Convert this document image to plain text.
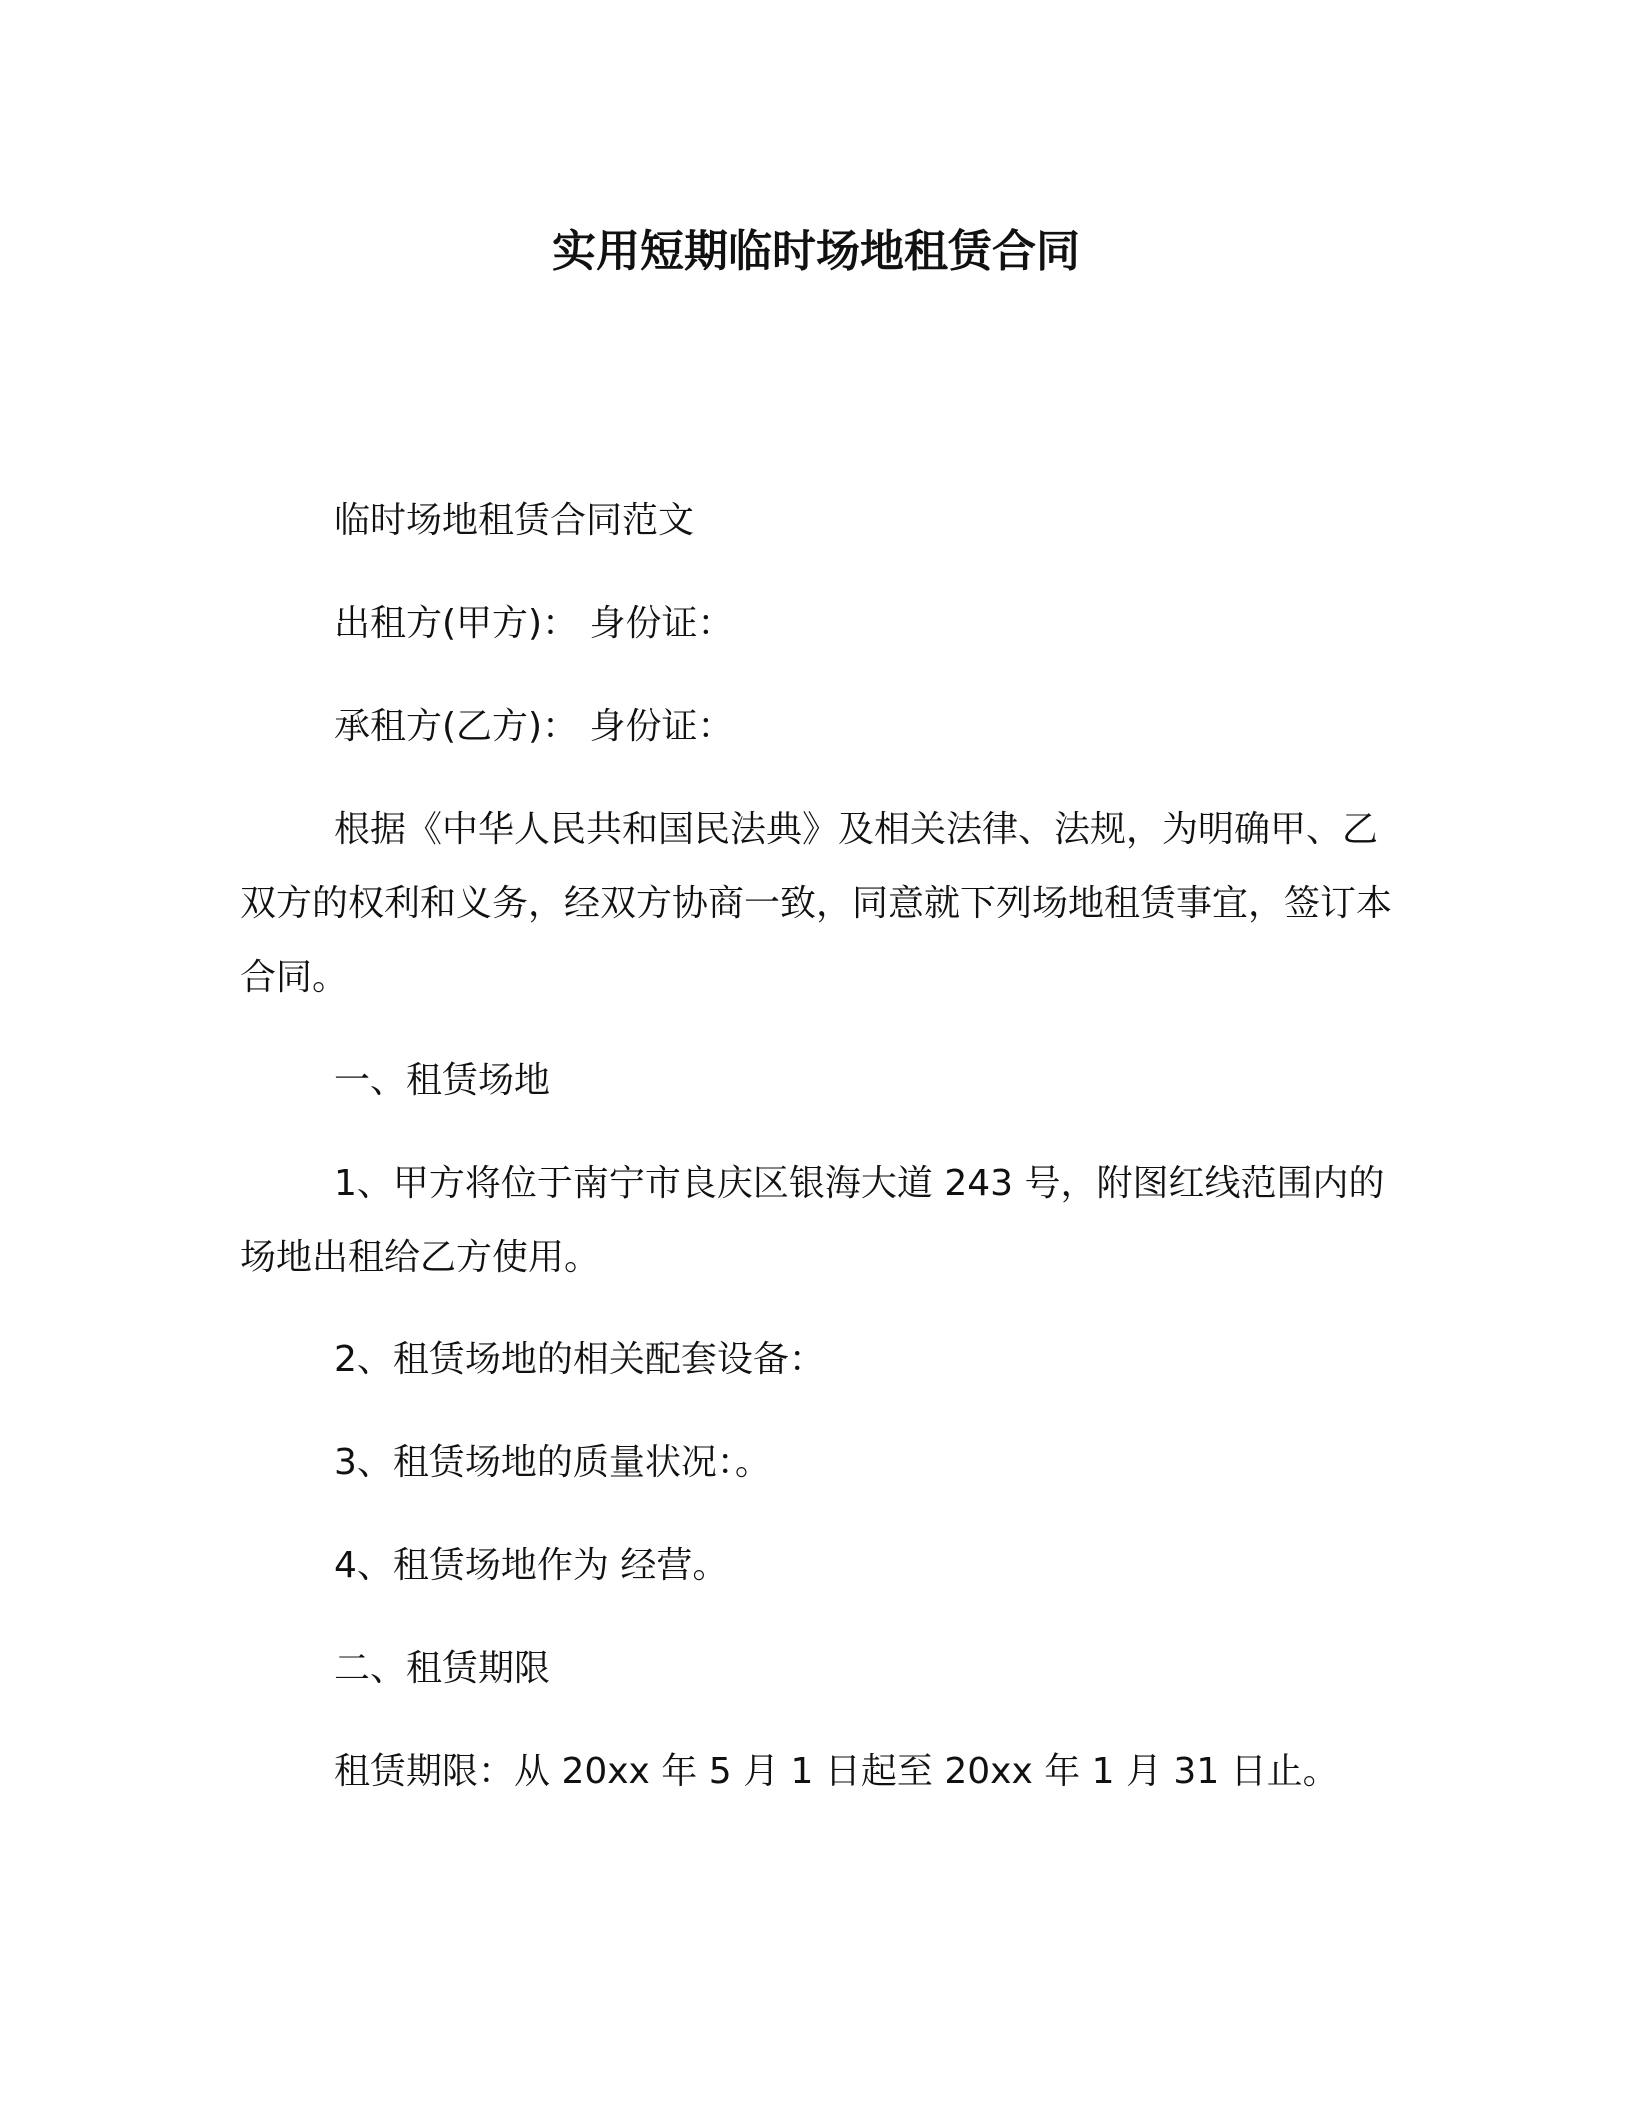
实用短期临时场地租赁合同

临时场地租赁合同范文

出租方(甲方)： 身份证：

承租方(乙方)： 身份证：

根据《中华人民共和国民法典》及相关法律、法规，为明确甲、乙双方的权利和义务，经双方协商一致，同意就下列场地租赁事宜，签订本合同。

一、租赁场地

1、甲方将位于南宁市良庆区银海大道 243 号，附图红线范围内的场地出租给乙方使用。

2、租赁场地的相关配套设备：

3、租赁场地的质量状况：。

4、租赁场地作为 经营。

二、租赁期限

租赁期限：从 20xx 年 5 月 1 日起至 20xx 年 1 月 31 日止。
